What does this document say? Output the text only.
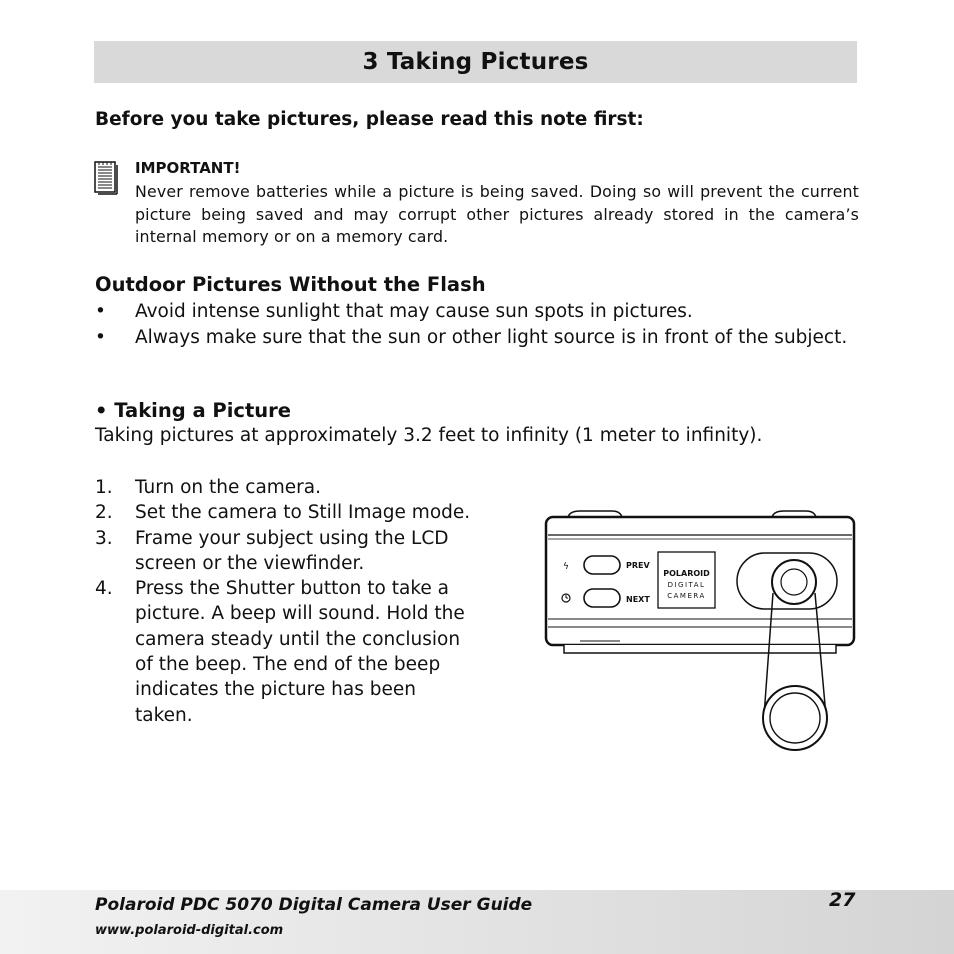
3 Taking Pictures

Before you take pictures, please read this note first:

IMPORTANT!

Never remove batteries while a picture is being saved. Doing so will prevent the current picture being saved and may corrupt other pictures already stored in the camera’s internal memory or on a memory card.

Outdoor Pictures Without the Flash
• Avoid intense sunlight that may cause sun spots in pictures.
• Always make sure that the sun or other light source is in front of the subject.
• Taking a Picture

Taking pictures at approximately 3.2 feet to infinity (1 meter to infinity).

1. Turn on the camera.
2. Set the camera to Still Image mode.
3. Frame your subject using the LCD screen or the viewfinder.
4. Press the Shutter button to take a picture. A beep will sound. Hold the camera steady until the conclusion of the beep. The end of the beep indicates the picture has been taken.
ϟ	PREV
NEXT
POLAROID
DIGITAL
CAMERA

Polaroid PDC 5070 Digital Camera User Guide

www.polaroid-digital.com

27
